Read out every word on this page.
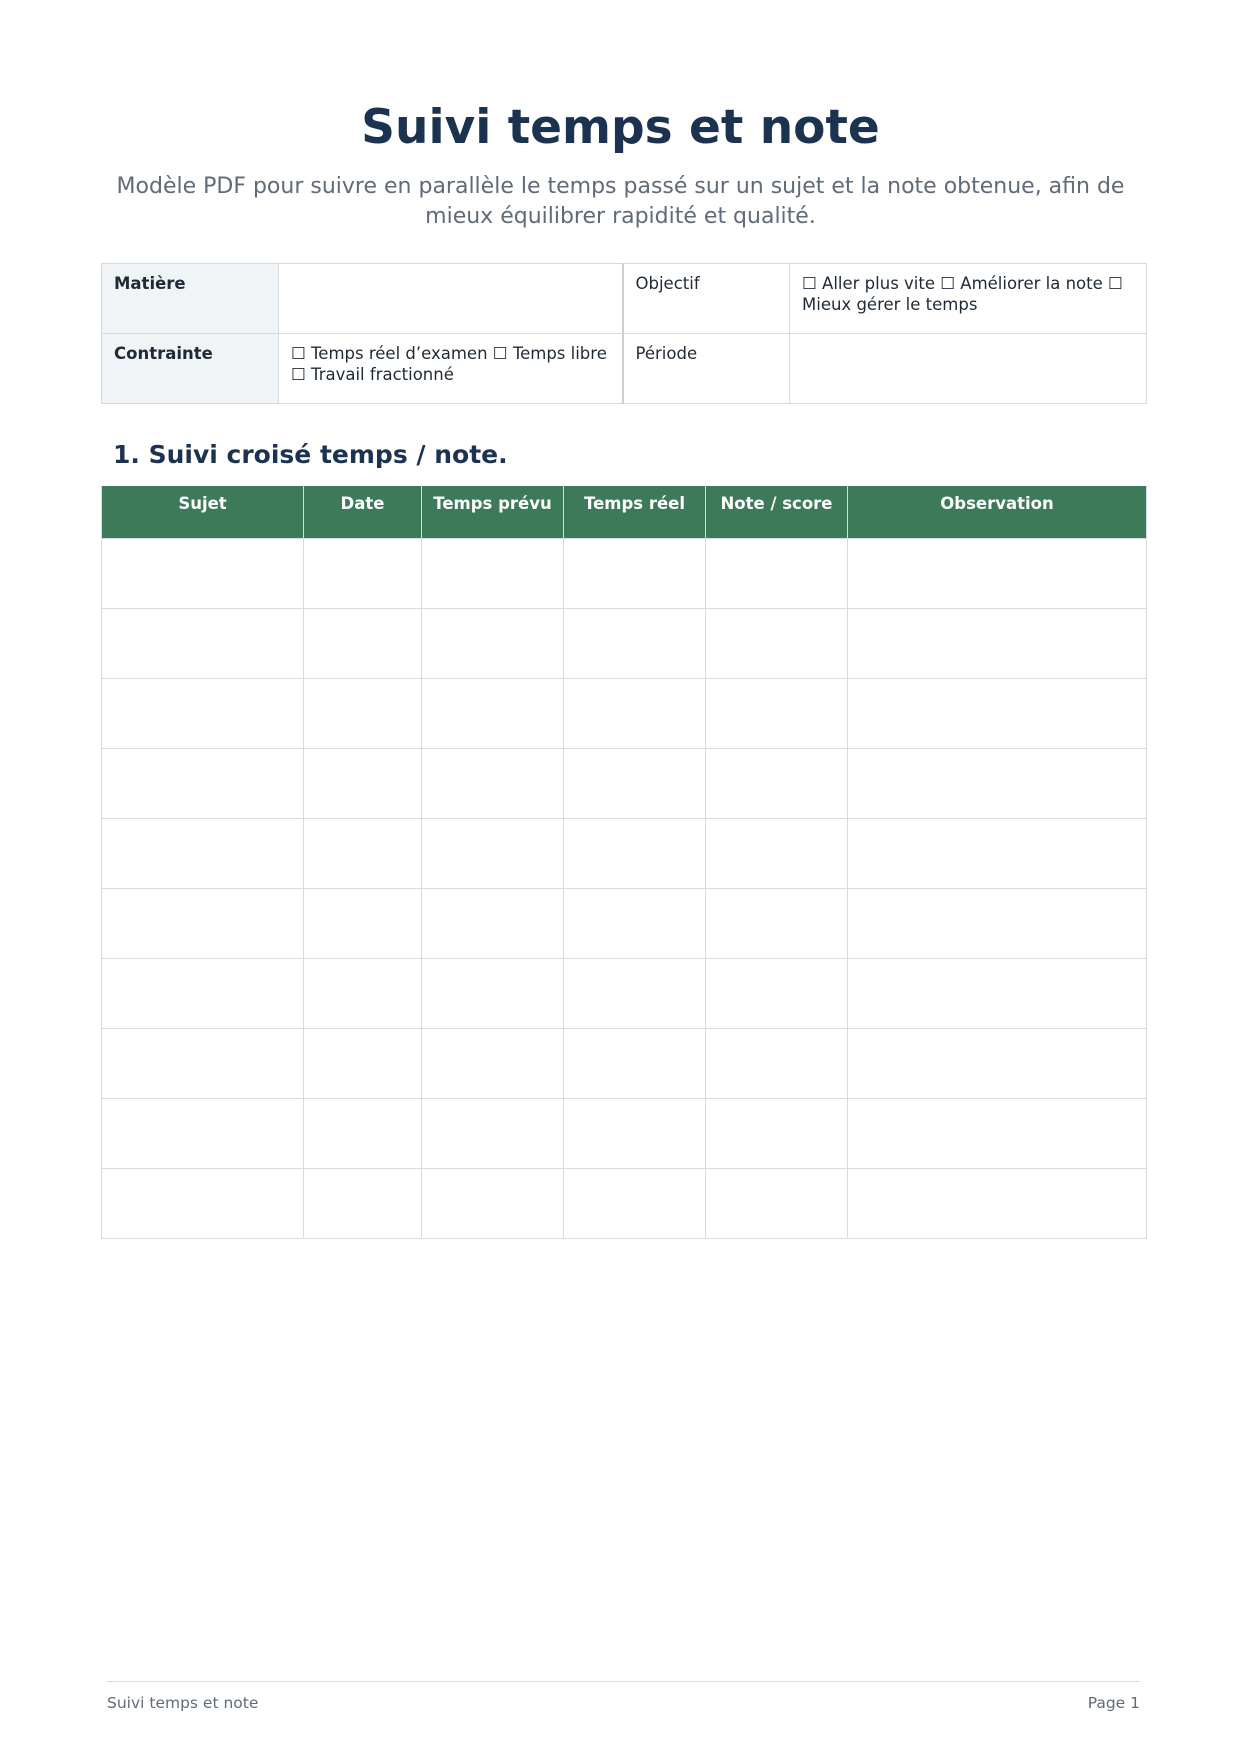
Suivi temps et note

Modèle PDF pour suivre en parallèle le temps passé sur un sujet et la note obtenue, afin de mieux équilibrer rapidité et qualité.

Matière		Objectif	☐ Aller plus vite ☐ Améliorer la note ☐ Mieux gérer le temps
Contrainte	☐ Temps réel d’examen ☐ Temps libre ☐ Travail fractionné	Période	
1. Suivi croisé temps / note.
Sujet	Date	Temps prévu	Temps réel	Note / score	Observation

Suivi temps et note	Page 1
